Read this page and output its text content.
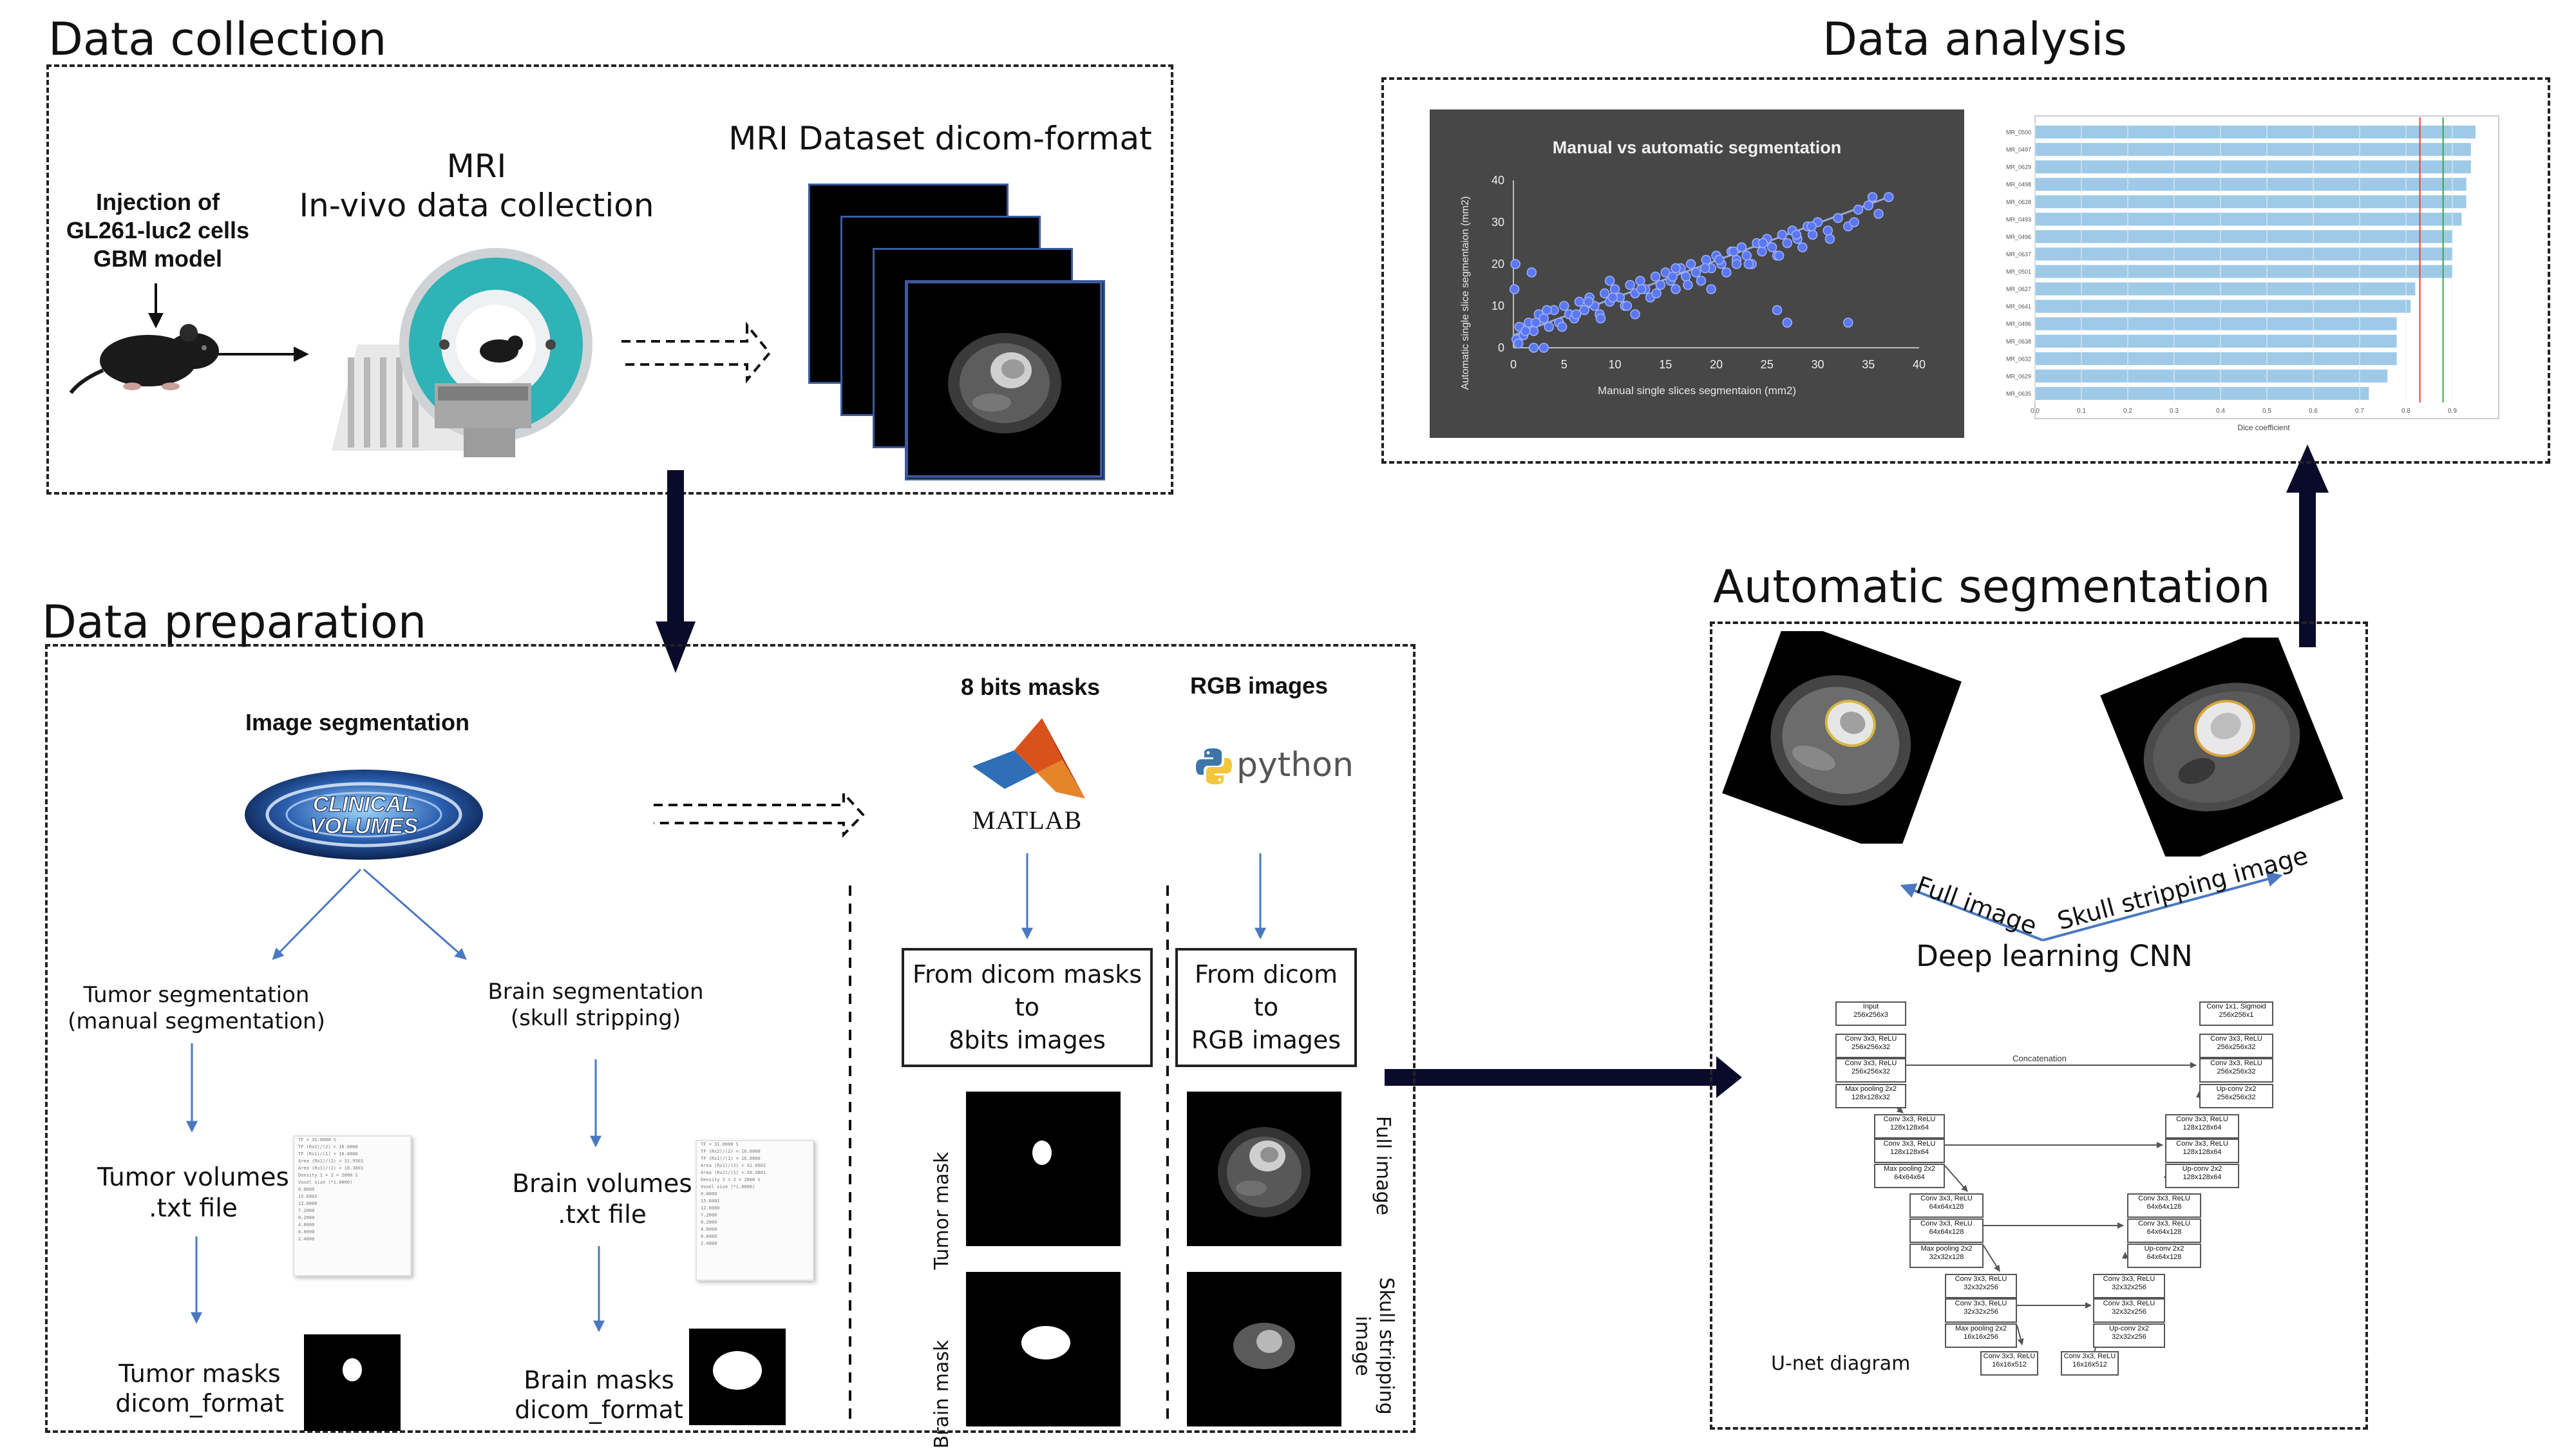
Data collection
Injection of
GL261-luc2 cells
GBM model
MRI
In-vivo data collection
MRI Dataset dicom-format
Data analysis
Manual vs automatic segmentation
Manual single slices segmentaion (mm2)
Automatic single slice segmentaion (mm2)	0	5	10	15	20	25	30	35	40
0
10
20
30
40
MR_0500
MR_0497
MR_0629
MR_0498
MR_0628
MR_0493
MR_0496
MR_0637
MR_0501
MR_0627
MR_0641
MR_0496
MR_0638
MR_0632
MR_0629
MR_0635
0.0	0.1	0.2	0.3	0.4	0.5	0.6	0.7	0.8	0.9
Dice coefficient
Data preparation
Image segmentation
CLINICAL
VOLUMES
Tumor segmentation
(manual segmentation)
Brain segmentation
(skull stripping)
Tumor volumes
.txt file
Brain volumes
.txt file
TF = 31.0000 S
TF (Rx2)/(2) = 16.0000
TF (Rx1)/(1) = 16.0000
Area (Rx1)/(2) = 31.9501
Area (Rx1)/(1) = 16.3801
Density 1 = 2 = 2000 S
Voxel size (*1.0000)
0.0000
15.6001
12.0000
7.2000
0.2000
4.0000
0.0000
2.4000
TF = 31.0000 S
TF (Rx2)/(2) = 16.0000
TF (Rx1)/(1) = 16.0000
Area (Rx1)/(2) = 31.9501
Area (Rx1)/(1) = 16.3801
Density 1 = 2 = 2000 S
Voxel size (*1.0000)
0.0000
15.6001
12.0000
7.2000
0.2000
4.0000
0.0000
2.4000
Tumor masks
dicom_format
Brain masks
dicom_format
8 bits masks	RGB images
MATLAB
python
From dicom masks
to
8bits images
From dicom
to
RGB images
Tumor mask
Brain mask
Full image
Skull stripping
image
Automatic segmentation
Full image Skull stripping image
Deep learning CNN
Concatenation
U-net diagram
Input
256x256x3
Conv 3x3, ReLU
256x256x32
Conv 3x3, ReLU
256x256x32
Max pooling 2x2
128x128x32
Conv 3x3, ReLU
128x128x64
Conv 3x3, ReLU
128x128x64
Max pooling 2x2
64x64x64
Conv 3x3, ReLU
64x64x128
Conv 3x3, ReLU
64x64x128
Max pooling 2x2
32x32x128
Conv 3x3, ReLU
32x32x256
Conv 3x3, ReLU
32x32x256
Max pooling 2x2
16x16x256
Conv 3x3, ReLU
16x16x512
Conv 3x3, ReLU
16x16x512
Conv 1x1, Sigmoid
256x256x1
Conv 3x3, ReLU
256x256x32
Conv 3x3, ReLU
256x256x32
Up-conv 2x2
256x256x32
Conv 3x3, ReLU
128x128x64
Conv 3x3, ReLU
128x128x64
Up-conv 2x2
128x128x64
Conv 3x3, ReLU
64x64x128
Conv 3x3, ReLU
64x64x128
Up-conv 2x2
64x64x128
Conv 3x3, ReLU
32x32x256
Conv 3x3, ReLU
32x32x256
Up-conv 2x2
32x32x256
